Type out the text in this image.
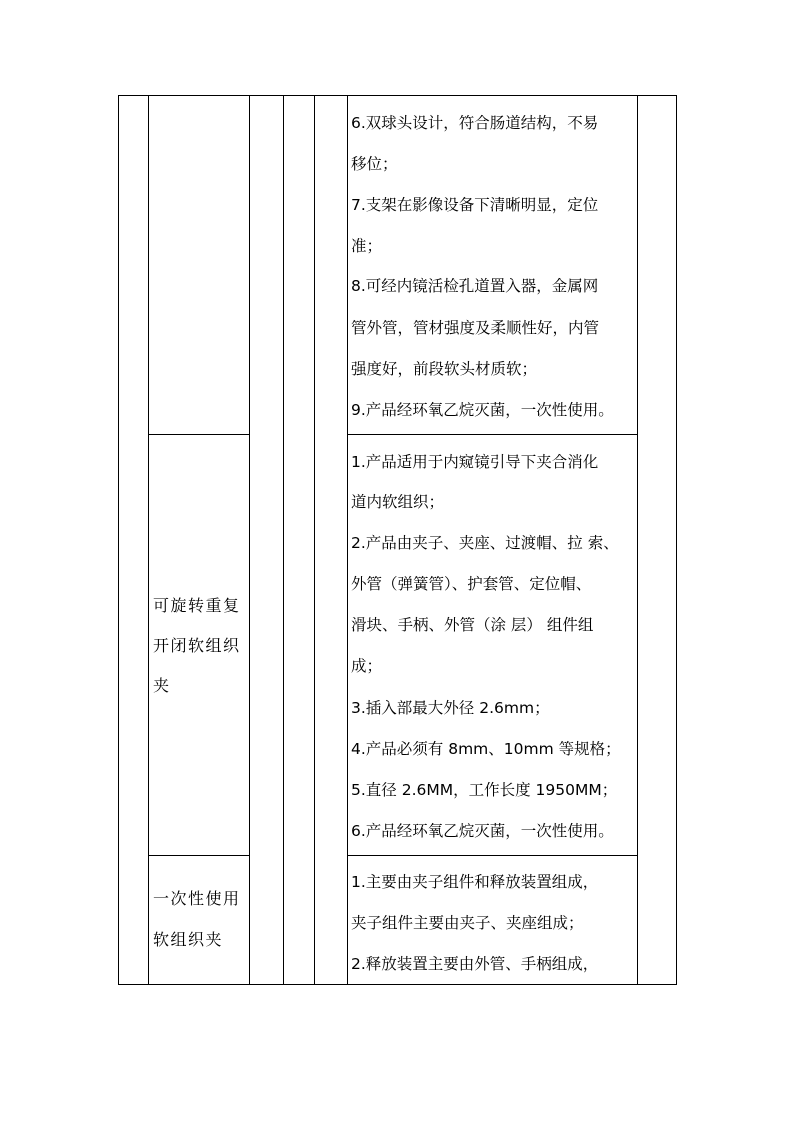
6.双球头设计，符合肠道结构，不易
移位；
7.支架在影像设备下清晰明显，定位
准；
8.可经内镜活检孔道置入器，金属网
管外管，管材强度及柔顺性好，内管
强度好，前段软头材质软；
9.产品经环氧乙烷灭菌，一次性使用。
可旋转重复
开闭软组织
夹
1.产品适用于内窥镜引导下夹合消化
道内软组织；
2.产品由夹子、夹座、过渡帽、拉 索、
外管（弹簧管）、护套管、定位帽、
滑块、手柄、外管（涂 层） 组件组
成；
3.插入部最大外径 2.6mm；
4.产品必须有 8mm、10mm 等规格；
5.直径 2.6MM，工作长度 1950MM；
6.产品经环氧乙烷灭菌，一次性使用。
一次性使用
软组织夹
1.主要由夹子组件和释放装置组成，
夹子组件主要由夹子、夹座组成；
2.释放装置主要由外管、手柄组成，
